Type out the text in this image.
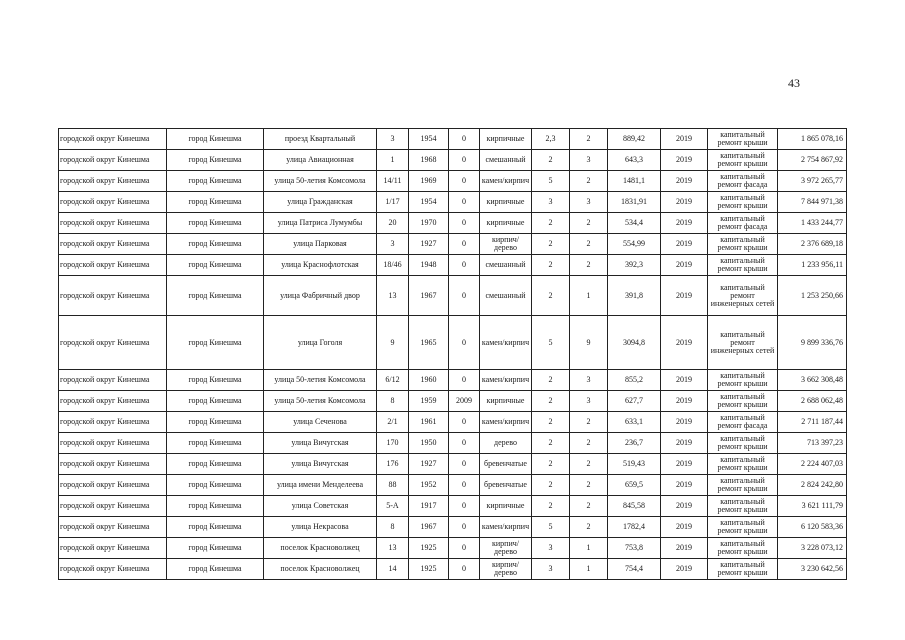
43
городской округ Кинешма	город Кинешма	проезд Квартальный	3	1954	0	кирпичные	2,3	2	889,42	2019	капитальный ремонт крыши	1 865 078,16
городской округ Кинешма	город Кинешма	улица Авиационная	1	1968	0	смешанный	2	3	643,3	2019	капитальный ремонт крыши	2 754 867,92
городской округ Кинешма	город Кинешма	улица 50-летия Комсомола	14/11	1969	0	камен/кирпич	5	2	1481,1	2019	капитальный ремонт фасада	3 972 265,77
городской округ Кинешма	город Кинешма	улица Гражданская	1/17	1954	0	кирпичные	3	3	1831,91	2019	капитальный ремонт крыши	7 844 971,38
городской округ Кинешма	город Кинешма	улица Патриса Лумумбы	20	1970	0	кирпичные	2	2	534,4	2019	капитальный ремонт фасада	1 433 244,77
городской округ Кинешма	город Кинешма	улица Парковая	3	1927	0	кирпич/дерево	2	2	554,99	2019	капитальный ремонт крыши	2 376 689,18
городской округ Кинешма	город Кинешма	улица Краснофлотская	18/46	1948	0	смешанный	2	2	392,3	2019	капитальный ремонт крыши	1 233 956,11
городской округ Кинешма	город Кинешма	улица Фабричный двор	13	1967	0	смешанный	2	1	391,8	2019	капитальный ремонт инженерных сетей	1 253 250,66
городской округ Кинешма	город Кинешма	улица Гоголя	9	1965	0	камен/кирпич	5	9	3094,8	2019	капитальный ремонт инженерных сетей	9 899 336,76
городской округ Кинешма	город Кинешма	улица 50-летия Комсомола	6/12	1960	0	камен/кирпич	2	3	855,2	2019	капитальный ремонт крыши	3 662 308,48
городской округ Кинешма	город Кинешма	улица 50-летия Комсомола	8	1959	2009	кирпичные	2	3	627,7	2019	капитальный ремонт крыши	2 688 062,48
городской округ Кинешма	город Кинешма	улица Сеченова	2/1	1961	0	камен/кирпич	2	2	633,1	2019	капитальный ремонт фасада	2 711 187,44
городской округ Кинешма	город Кинешма	улица Вичугская	170	1950	0	дерево	2	2	236,7	2019	капитальный ремонт крыши	713 397,23
городской округ Кинешма	город Кинешма	улица Вичугская	176	1927	0	бревенчатые	2	2	519,43	2019	капитальный ремонт крыши	2 224 407,03
городской округ Кинешма	город Кинешма	улица имени Менделеева	88	1952	0	бревенчатые	2	2	659,5	2019	капитальный ремонт крыши	2 824 242,80
городской округ Кинешма	город Кинешма	улица Советская	5-А	1917	0	кирпичные	2	2	845,58	2019	капитальный ремонт крыши	3 621 111,79
городской округ Кинешма	город Кинешма	улица Некрасова	8	1967	0	камен/кирпич	5	2	1782,4	2019	капитальный ремонт крыши	6 120 583,36
городской округ Кинешма	город Кинешма	поселок Красноволжец	13	1925	0	кирпич/дерево	3	1	753,8	2019	капитальный ремонт крыши	3 228 073,12
городской округ Кинешма	город Кинешма	поселок Красноволжец	14	1925	0	кирпич/дерево	3	1	754,4	2019	капитальный ремонт крыши	3 230 642,56
